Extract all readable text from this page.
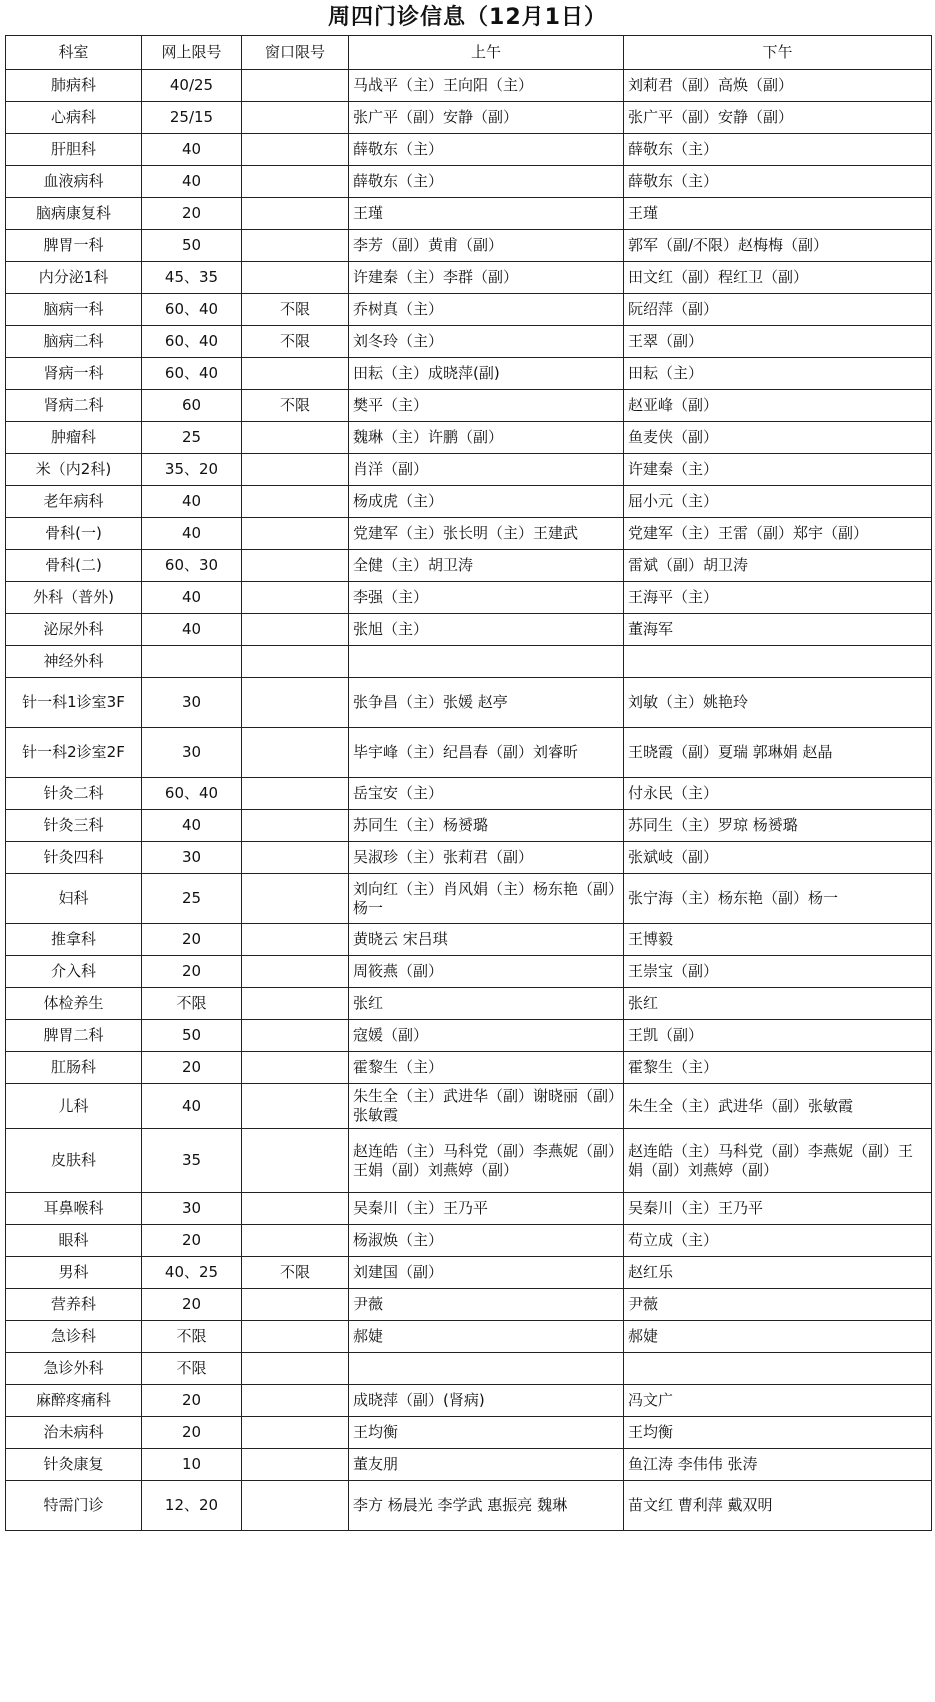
周四门诊信息（12月1日）
科室	网上限号	窗口限号	上午	下午
肺病科	40/25		马战平（主）王向阳（主）	刘莉君（副）高焕（副）
心病科	25/15		张广平（副）安静（副）	张广平（副）安静（副）
肝胆科	40		薛敬东（主）	薛敬东（主）
血液病科	40		薛敬东（主）	薛敬东（主）
脑病康复科	20		王瑾	王瑾
脾胃一科	50		李芳（副）黄甫（副）	郭军（副/不限）赵梅梅（副）
内分泌1科	45、35		许建秦（主）李群（副）	田文红（副）程红卫（副）
脑病一科	60、40	不限	乔树真（主）	阮绍萍（副）
脑病二科	60、40	不限	刘冬玲（主）	王翠（副）
肾病一科	60、40		田耘（主）成晓萍(副)	田耘（主）
肾病二科	60	不限	樊平（主）	赵亚峰（副）
肿瘤科	25		魏琳（主）许鹏（副）	鱼麦侠（副）
米（内2科)	35、20		肖洋（副）	许建秦（主）
老年病科	40		杨成虎（主）	屈小元（主）
骨科(一)	40		党建军（主）张长明（主）王建武	党建军（主）王雷（副）郑宇（副）
骨科(二)	60、30		全健（主）胡卫涛	雷斌（副）胡卫涛
外科（普外)	40		李强（主）	王海平（主）
泌尿外科	40		张旭（主）	董海军
神经外科				
针一科1诊室3F	30		张争昌（主）张媛 赵亭	刘敏（主）姚艳玲
针一科2诊室2F	30		毕宇峰（主）纪昌春（副）刘睿昕	王晓霞（副）夏瑞 郭琳娟 赵晶
针灸二科	60、40		岳宝安（主）	付永民（主）
针灸三科	40		苏同生（主）杨赟璐	苏同生（主）罗琼 杨赟璐
针灸四科	30		吴淑珍（主）张莉君（副）	张斌岐（副）
妇科	25		刘向红（主）肖风娟（主）杨东艳（副）杨一	张宁海（主）杨东艳（副）杨一
推拿科	20		黄晓云 宋吕琪	王博毅
介入科	20		周筱燕（副）	王崇宝（副）
体检养生	不限		张红	张红
脾胃二科	50		寇媛（副）	王凯（副）
肛肠科	20		霍黎生（主）	霍黎生（主）
儿科	40		朱生全（主）武进华（副）谢晓丽（副）张敏霞	朱生全（主）武进华（副）张敏霞
皮肤科	35		赵连皓（主）马科党（副）李燕妮（副）王娟（副）刘燕婷（副）	赵连皓（主）马科党（副）李燕妮（副）王娟（副）刘燕婷（副）
耳鼻喉科	30		吴秦川（主）王乃平	吴秦川（主）王乃平
眼科	20		杨淑焕（主）	苟立成（主）
男科	40、25	不限	刘建国（副）	赵红乐
营养科	20		尹薇	尹薇
急诊科	不限		郝婕	郝婕
急诊外科	不限			
麻醉疼痛科	20		成晓萍（副）(肾病)	冯文广
治未病科	20		王均衡	王均衡
针灸康复	10		董友朋	鱼江涛 李伟伟 张涛
特需门诊	12、20		李方 杨晨光 李学武 惠振亮 魏琳	苗文红 曹利萍 戴双明
